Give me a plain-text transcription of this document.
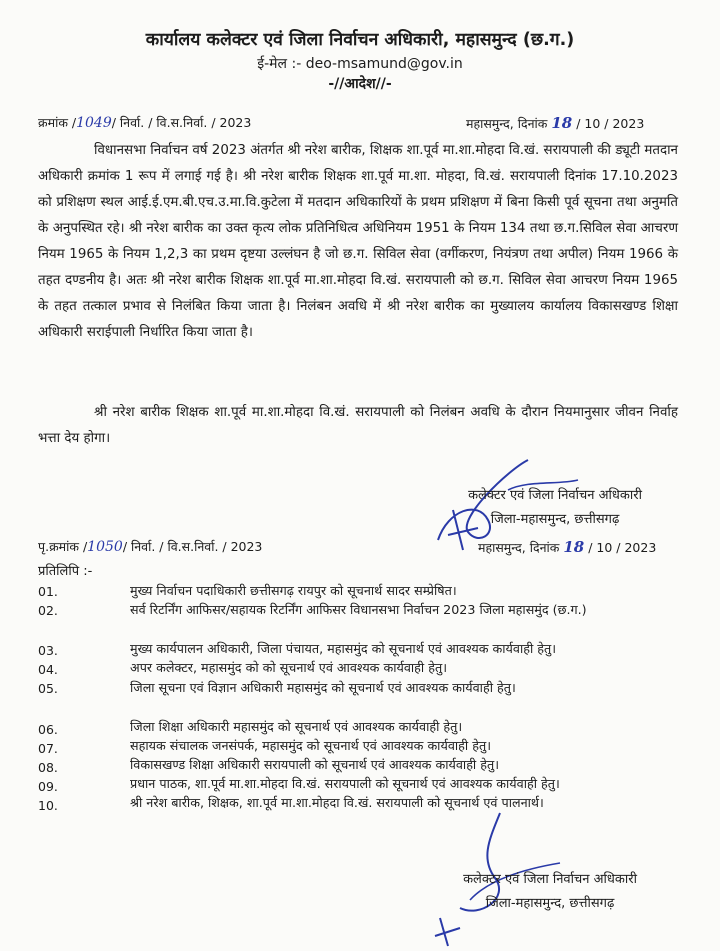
कार्यालय कलेक्टर एवं जिला निर्वाचन अधिकारी, महासमुन्द (छ.ग.)
ई-मेल :- deo-msamund@gov.in
-//आदेश//-
क्रमांक /1049/ निर्वा. / वि.स.निर्वा. / 2023	महासमुन्द, दिनांक 18 / 10 / 2023
विधानसभा निर्वाचन वर्ष 2023 अंतर्गत श्री नरेश बारीक, शिक्षक शा.पूर्व मा.शा.मोहदा वि.खं. सरायपाली की ड्यूटी मतदान अधिकारी क्रमांक 1 रूप में लगाई गई है। श्री नरेश बारीक शिक्षक शा.पूर्व मा.शा. मोहदा, वि.खं. सरायपाली दिनांक 17.10.2023 को प्रशिक्षण स्थल आई.ई.एम.बी.एच.उ.मा.वि.कुटेला में मतदान अधिकारियों के प्रथम प्रशिक्षण में बिना किसी पूर्व सूचना तथा अनुमति के अनुपस्थित रहे। श्री नरेश बारीक का उक्त कृत्य लोक प्रतिनिधित्व अधिनियम 1951 के नियम 134 तथा छ.ग.सिविल सेवा आचरण नियम 1965 के नियम 1,2,3 का प्रथम दृष्टया उल्लंघन है जो छ.ग. सिविल सेवा (वर्गीकरण, नियंत्रण तथा अपील) नियम 1966 के तहत दण्डनीय है। अतः श्री नरेश बारीक शिक्षक शा.पूर्व मा.शा.मोहदा वि.खं. सरायपाली को छ.ग. सिविल सेवा आचरण नियम 1965 के तहत तत्काल प्रभाव से निलंबित किया जाता है। निलंबन अवधि में श्री नरेश बारीक का मुख्यालय कार्यालय विकासखण्ड शिक्षा अधिकारी सराईपाली निर्धारित किया जाता है।
श्री नरेश बारीक शिक्षक शा.पूर्व मा.शा.मोहदा वि.खं. सरायपाली को निलंबन अवधि के दौरान नियमानुसार जीवन निर्वाह भत्ता देय होगा।
कलेक्टर एवं जिला निर्वाचन अधिकारी
जिला-महासमुन्द, छत्तीसगढ़
पृ.क्रमांक /1050/ निर्वा. / वि.स.निर्वा. / 2023	महासमुन्द, दिनांक 18 / 10 / 2023
प्रतिलिपि :-
01.	मुख्य निर्वाचन पदाधिकारी छत्तीसगढ़ रायपुर को सूचनार्थ सादर सम्प्रेषित।
02.	सर्व रिटर्निंग आफिसर/सहायक रिटर्निंग आफिसर विधानसभा निर्वाचन 2023 जिला महासमुंद (छ.ग.)
03.	मुख्य कार्यपालन अधिकारी, जिला पंचायत, महासमुंद को सूचनार्थ एवं आवश्यक कार्यवाही हेतु।
04.	अपर कलेक्टर, महासमुंद को को सूचनार्थ एवं आवश्यक कार्यवाही हेतु।
05.	जिला सूचना एवं विज्ञान अधिकारी महासमुंद को सूचनार्थ एवं आवश्यक कार्यवाही हेतु।
06.	जिला शिक्षा अधिकारी महासमुंद को सूचनार्थ एवं आवश्यक कार्यवाही हेतु।
07.	सहायक संचालक जनसंपर्क, महासमुंद को सूचनार्थ एवं आवश्यक कार्यवाही हेतु।
08.	विकासखण्ड शिक्षा अधिकारी सरायपाली को सूचनार्थ एवं आवश्यक कार्यवाही हेतु।
09.	प्रधान पाठक, शा.पूर्व मा.शा.मोहदा वि.खं. सरायपाली को सूचनार्थ एवं आवश्यक कार्यवाही हेतु।
10.	श्री नरेश बारीक, शिक्षक, शा.पूर्व मा.शा.मोहदा वि.खं. सरायपाली को सूचनार्थ एवं पालनार्थ।
कलेक्टर एवं जिला निर्वाचन अधिकारी
जिला-महासमुन्द, छत्तीसगढ़
